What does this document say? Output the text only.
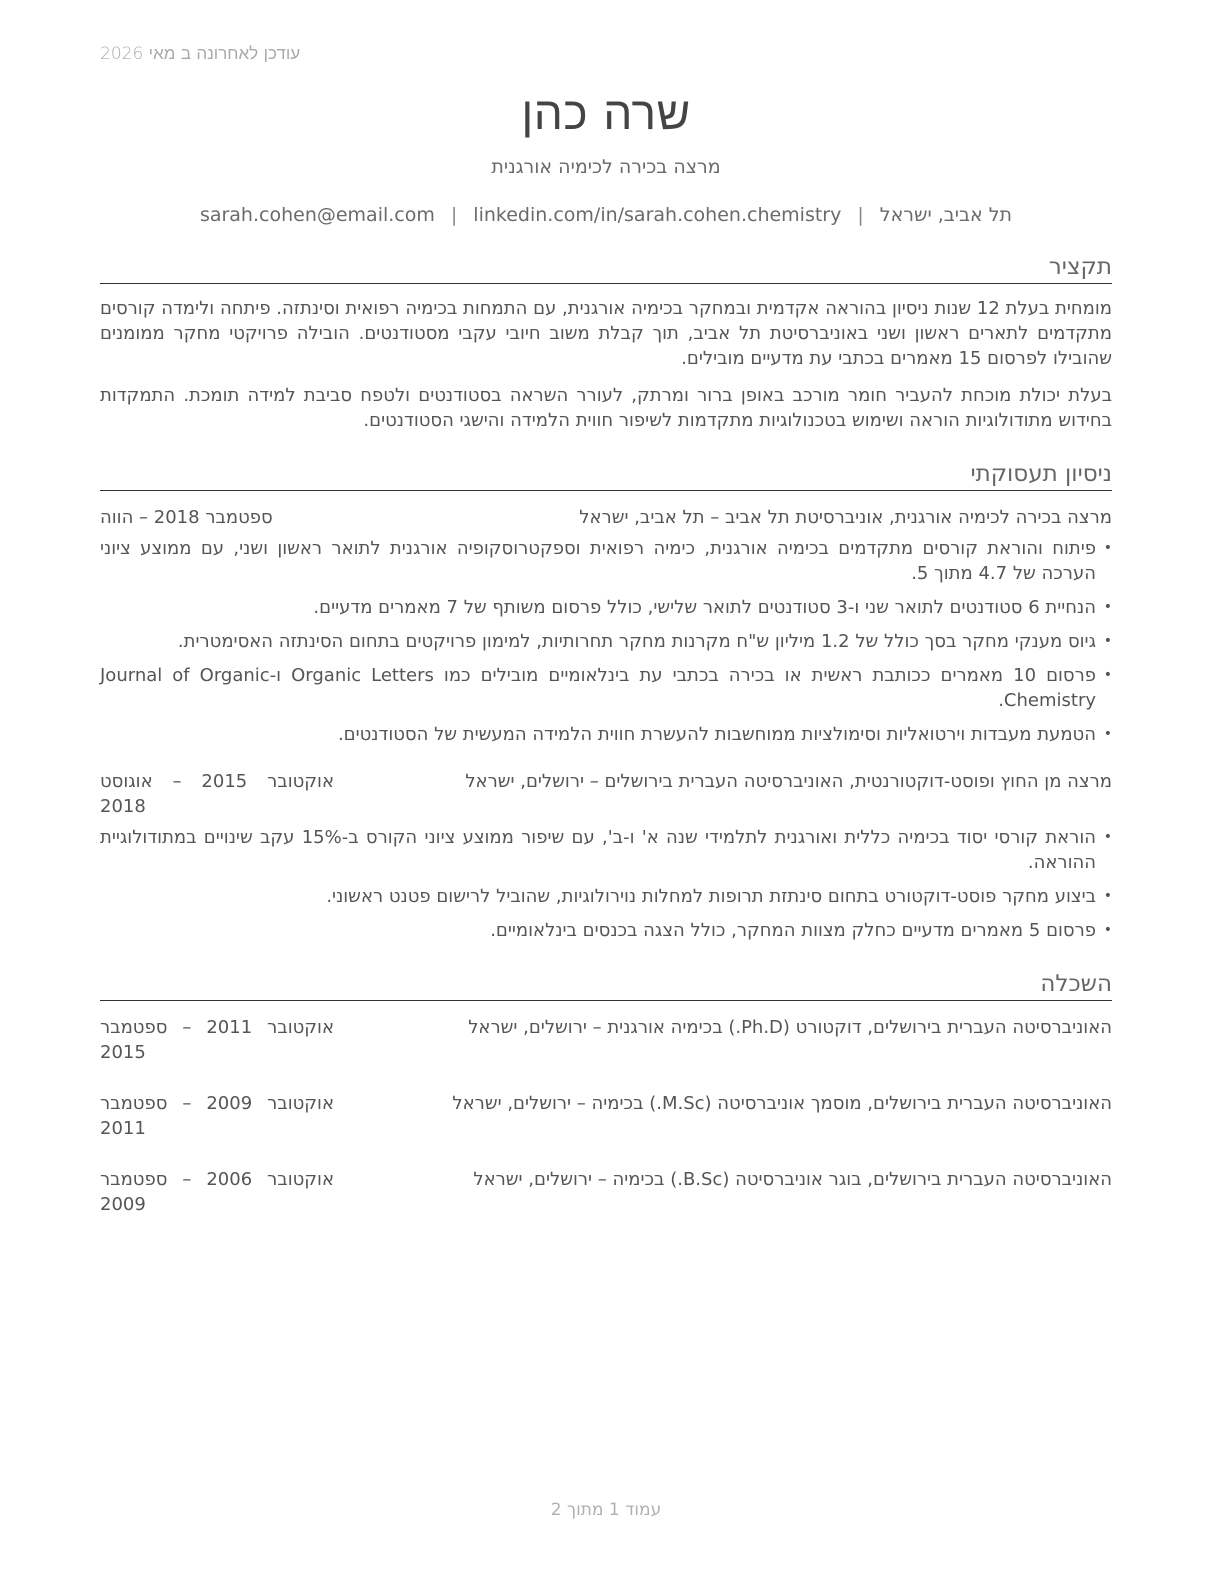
עודכן לאחרונה ב מאי 2026
שרה כהן
מרצה בכירה לכימיה אורגנית
תל אביב, ישראל|sarah.cohen@email.com | linkedin.com/in/sarah.cohen.chemistry
תקציר

מומחית בעלת 12 שנות ניסיון בהוראה אקדמית ובמחקר בכימיה אורגנית, עם התמחות בכימיה רפואית וסינתזה. פיתחה ולימדה קורסים מתקדמים לתארים ראשון ושני באוניברסיטת תל אביב, תוך קבלת משוב חיובי עקבי מסטודנטים. הובילה פרויקטי מחקר ממומנים שהובילו לפרסום 15 מאמרים בכתבי עת מדעיים מובילים.

בעלת יכולת מוכחת להעביר חומר מורכב באופן ברור ומרתק, לעורר השראה בסטודנטים ולטפח סביבת למידה תומכת. התמקדות בחידוש מתודולוגיות הוראה ושימוש בטכנולוגיות מתקדמות לשיפור חווית הלמידה והישגי הסטודנטים.

ניסיון תעסוקתי
מרצה בכירה לכימיה אורגנית, אוניברסיטת תל אביב – תל אביב, ישראל
ספטמבר 2018 – הווה
• פיתוח והוראת קורסים מתקדמים בכימיה אורגנית, כימיה רפואית וספקטרוסקופיה אורגנית לתואר ראשון ושני, עם ממוצע ציוני הערכה של 4.7 מתוך 5.
• הנחיית 6 סטודנטים לתואר שני ו-3 סטודנטים לתואר שלישי, כולל פרסום משותף של 7 מאמרים מדעיים.
• גיוס מענקי מחקר בסך כולל של 1.2 מיליון ש"ח מקרנות מחקר תחרותיות, למימון פרויקטים בתחום הסינתזה האסימטרית.
• פרסום 10 מאמרים ככותבת ראשית או בכירה בכתבי עת בינלאומיים מובילים כמו Organic Letters ו-Journal of Organic Chemistry.
• הטמעת מעבדות וירטואליות וסימולציות ממוחשבות להעשרת חווית הלמידה המעשית של הסטודנטים.
מרצה מן החוץ ופוסט-דוקטורנטית, האוניברסיטה העברית בירושלים – ירושלים, ישראל
אוקטובר 2015 – אוגוסט 2018
• הוראת קורסי יסוד בכימיה כללית ואורגנית לתלמידי שנה א' ו-ב', עם שיפור ממוצע ציוני הקורס ב-15% עקב שינויים במתודולוגיית ההוראה.
• ביצוע מחקר פוסט-דוקטורט בתחום סינתזת תרופות למחלות נוירולוגיות, שהוביל לרישום פטנט ראשוני.
• פרסום 5 מאמרים מדעיים כחלק מצוות המחקר, כולל הצגה בכנסים בינלאומיים.
השכלה
האוניברסיטה העברית בירושלים, דוקטורט (Ph.D.) בכימיה אורגנית – ירושלים, ישראל
אוקטובר 2011 – ספטמבר 2015
האוניברסיטה העברית בירושלים, מוסמך אוניברסיטה (M.Sc.) בכימיה – ירושלים, ישראל
אוקטובר 2009 – ספטמבר 2011
האוניברסיטה העברית בירושלים, בוגר אוניברסיטה (B.Sc.) בכימיה – ירושלים, ישראל
אוקטובר 2006 – ספטמבר 2009
עמוד 1 מתוך 2
